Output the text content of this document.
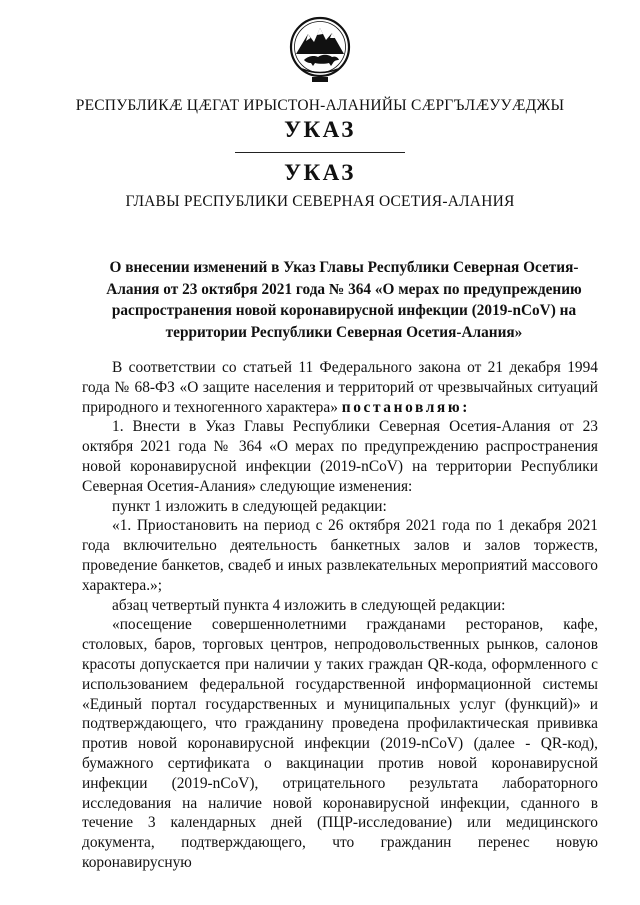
РЕСПУБЛИКӔ ЦӔГАТ ИРЫСТОН-АЛАНИЙЫ СӔРГЪЛӔУУӔДЖЫ
УКАЗ
УКАЗ
ГЛАВЫ РЕСПУБЛИКИ СЕВЕРНАЯ ОСЕТИЯ-АЛАНИЯ
О внесении изменений в Указ Главы Республики Северная Осетия-Алания от 23 октября 2021 года № 364 «О мерах по предупреждению распространения новой коронавирусной инфекции (2019-nCoV) на территории Республики Северная Осетия-Алания»

В соответствии со статьей 11 Федерального закона от 21 декабря 1994 года № 68-ФЗ «О защите населения и территорий от чрезвычайных ситуаций природного и техногенного характера» постановляю:

1. Внести в Указ Главы Республики Северная Осетия-Алания от 23 октября 2021 года № 364 «О мерах по предупреждению распространения новой коронавирусной инфекции (2019-nCoV) на территории Республики Северная Осетия-Алания» следующие изменения:

пункт 1 изложить в следующей редакции:

«1. Приостановить на период с 26 октября 2021 года по 1 декабря 2021 года включительно деятельность банкетных залов и залов торжеств, проведение банкетов, свадеб и иных развлекательных мероприятий массового характера.»;

абзац четвертый пункта 4 изложить в следующей редакции:

«посещение совершеннолетними гражданами ресторанов, кафе, столовых, баров, торговых центров, непродовольственных рынков, салонов красоты допускается при наличии у таких граждан QR-кода, оформленного с использованием федеральной государственной информационной системы «Единый портал государственных и муниципальных услуг (функций)» и подтверждающего, что гражданину проведена профилактическая прививка против новой коронавирусной инфекции (2019-nCoV) (далее - QR-код), бумажного сертификата о вакцинации против новой коронавирусной инфекции (2019-nCoV), отрицательного результата лабораторного исследования на наличие новой коронавирусной инфекции, сданного в течение 3 календарных дней (ПЦР-исследование) или медицинского документа, подтверждающего, что гражданин перенес новую коронавирусную
